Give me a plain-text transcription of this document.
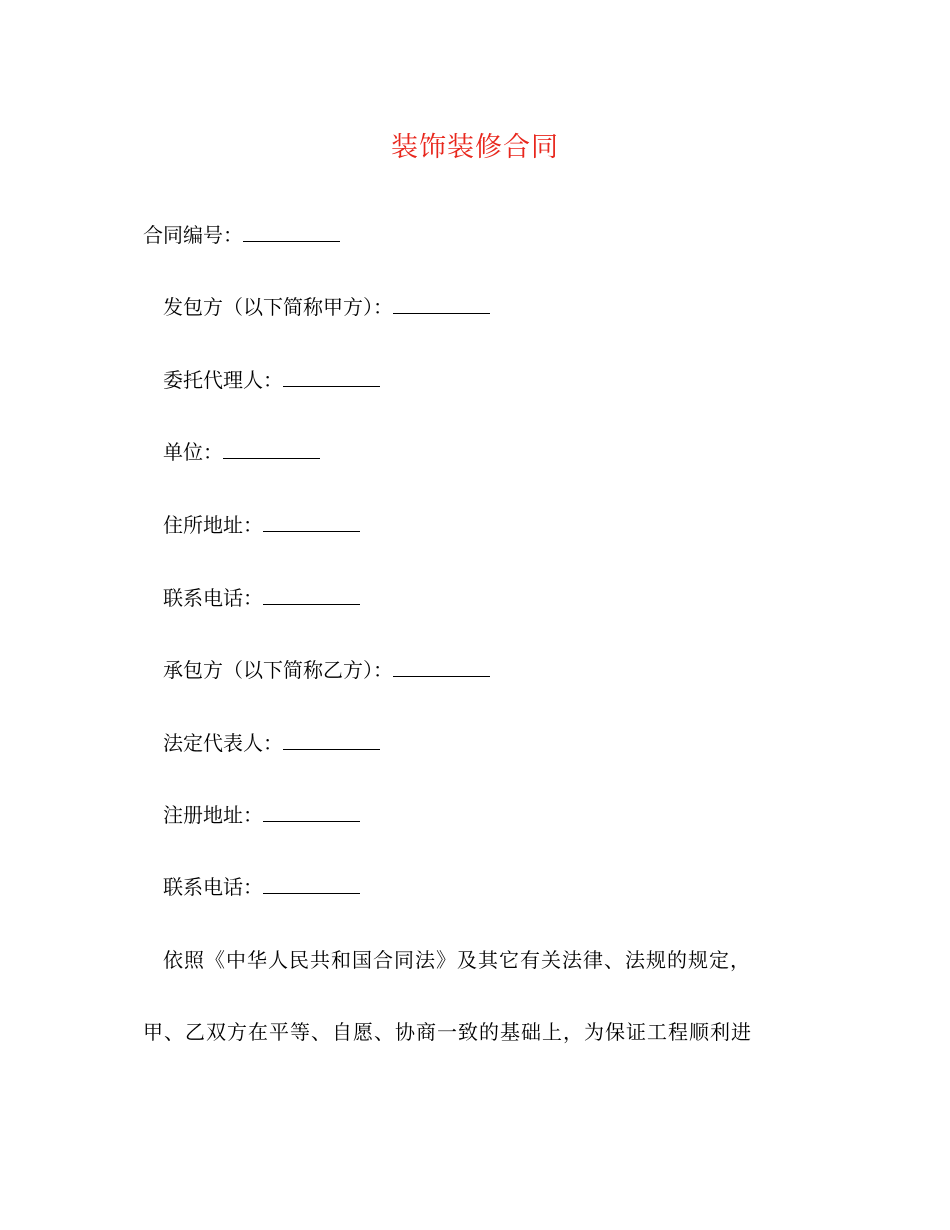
装饰装修合同
合同编号：
发包方（以下简称甲方）：
委托代理人：
单位：
住所地址：
联系电话：
承包方（以下简称乙方）：
法定代表人：
注册地址：
联系电话：
依照《中华人民共和国合同法》及其它有关法律、法规的规定，
甲、乙双方在平等、自愿、协商一致的基础上，为保证工程顺利进
